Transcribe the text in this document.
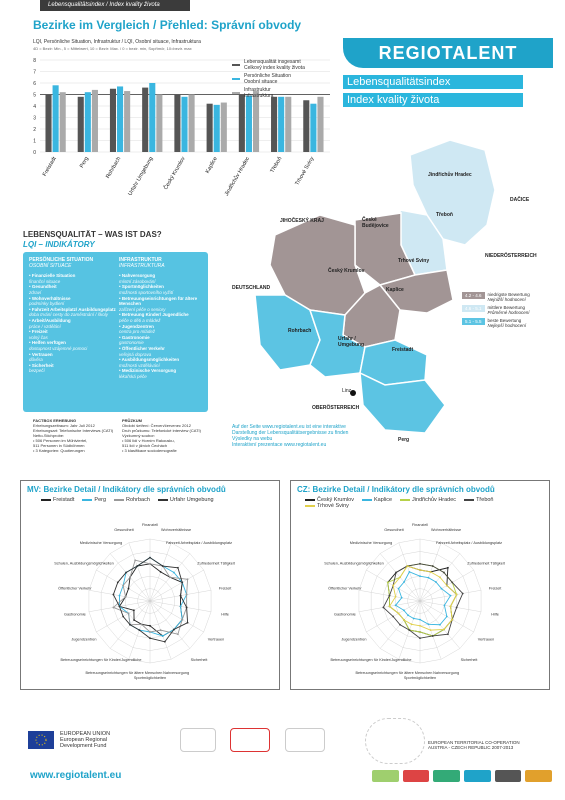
Lebensqualitätsindex / Index kvality života
Bezirke im Vergleich / Přehled: Správní obvody
LQI, Persönliche Situation, Infrastruktur / LQI, Osobní situace, Infrastruktura
4D = Bezir: Min., 5 = Mittelwert, 10 = Bezir: Max. / 0 = bezir. min, Sopřímčr, 10=bezir. max
0
1
2
3
4
5
6
7
8
Freistadt	Perg	Rohrbach Urfahr Umgebung Český Krumlov	Kaplice Jindřichův Hradec	Třeboň Trhové Sviny
Lebensqualität insgesamt
Celkový index kvality života
Persönliche Situation
Osobní situace
Infrastruktur
Infrastruktura
REGIOTALENT
Lebensqualitätsindex
Index kvality života
LEBENSQUALITÄT – WAS IST DAS?
LQI – INDIKÁTORY
PERSÖNLICHE SITUATION
OSOBNÍ SITUACE
• Finanzielle Situation
finanční situace
• Gesundheit
zdraví
• Wohnverhältnisse
podmínky bydlení
• Fahrzeit Arbeitsplatz/ Ausbildungsplatz
doba trvání cesty do zaměstnání / školy
• Arbeit/Ausbildung
práce / vzdělání
• Freizeit
volný čas
• Helfen verfügen
dostupnost vzájemné pomoci
• Vertrauen
důvěra
• Sicherheit
bezpečí
INFRASTRUKTUR
INFRASTRUKTURA
• Nahversorgung
místní zásobování
• Sportmöglichkeiten
možnosti sportovního vyžití
• Betreuungseinrichtungen für ältere Menschen
zařízení péče o seniory
• Betreuung Kinder/ Jugendliche
péče o děti a mládež
• Jugendzentren
centra pro mládež
• Gastronomie
gastronomie
• Öffentlicher Verkehr
veřejná doprava
• Ausbildungsmöglichkeiten
možnosti vzdělávání
• Medizinische Versorgung
lékařská péče
FACTBOX ERHEBUNG
Erhebungszeitraum: Jahr Juli 2012
Erhebungsart: Telefonische Interviews (CATI)
Netto-Stichprobe:
• 506 Personen im Mühlviertel,
511 Personen in Südböhmen
• 3 Kategorien: Quotierungen
PRŮZKUM
Období šetření: Červen/červenec 2012
Druh průzkumu: Telefonické interview (CATI)
Výzkumný soubor:
• 506 lidí v Horním Rakousku,
511 lidí v jižních Čechách
• 3 klasifikace sociodemografie
Jindřichův Hradec
DAČICE
JIHOČESKÝ KRAJ	České Budějovice
Třeboň
Český Krumlov
Trhové Sviny
Kaplice
NIEDERÖSTERREICH
DEUTSCHLAND
Rohrbach
Urfahr / Umgebung
Freistadt
Linz
OBERÖSTERREICH
Perg
4.2 - 4.6	niedrigste Bewertung
Nejnižší hodnocení
4.6 - 5.1	mittlere Bewertung
Průměrné hodnocení
5.1 - 5.5	beste Bewertung
Nejlepší hodnocení
Auf der Seite www.regiotalent.eu ist eine interaktive
Darstellung der Lebensqualitätsergebnisse zu finden
Výsledky na webu
Interaktivní prezentace www.regiotalent.eu
MV: Bezirke Detail / Indikátory dle správních obvodů
Freistadt	Perg	Rohrbach	Urfahr Umgebung
Finanziell
Wohnverhältnisse
Fahrzeit Arbeitsplatz / Ausbildungsplatz
Zufriedenheit Tätigkeit
Freizeit
Hilfe
Vertrauen
Sicherheit
Nahversorgung
Sportmöglichkeiten
Betreuungseinrichtungen für ältere Menschen
Betreuungseinrichtungen für Kinder/Jugendliche
Jugendzentren
Gastronomie
Öffentlicher Verkehr
Schulen, Ausbildungsmöglichkeiten
Medizinische Versorgung
Gesundheit
CZ: Bezirke Detail / Indikátory dle správních obvodů
Český Krumlov	Kaplice	Jindřichův Hradec	TřeboňTrhové Sviny
Finanziell
Wohnverhältnisse
Fahrzeit Arbeitsplatz / Ausbildungsplatz
Zufriedenheit Tätigkeit
Freizeit
Hilfe
Vertrauen
Sicherheit
Nahversorgung
Sportmöglichkeiten
Betreuungseinrichtungen für ältere Menschen
Betreuungseinrichtungen für Kinder/Jugendliche
Jugendzentren
Gastronomie
Öffentlicher Verkehr
Schulen, Ausbildungsmöglichkeiten
Medizinische Versorgung
Gesundheit
EUROPEAN UNION
European Regional
Development Fund
EUROPEAN TERRITORIAL CO-OPERATION
AUSTRIA - CZECH REPUBLIC 2007-2013
www.regiotalent.eu
